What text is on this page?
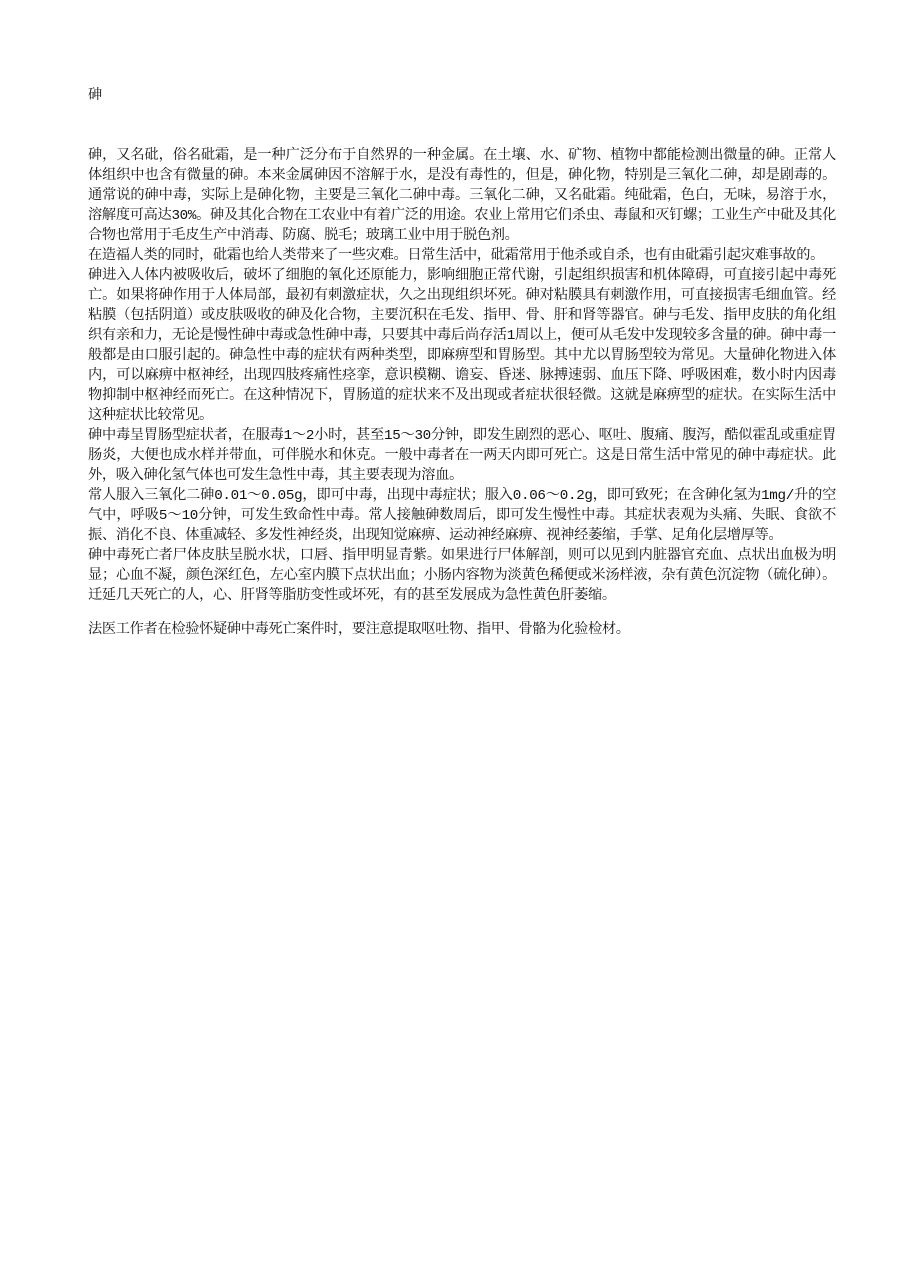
砷

砷，又名砒，俗名砒霜，是一种广泛分布于自然界的一种金属。在土壤、水、矿物、植物中都能检测出微量的砷。正常人体组织中也含有微量的砷。本来金属砷因不溶解于水，是没有毒性的，但是，砷化物，特别是三氧化二砷，却是剧毒的。通常说的砷中毒，实际上是砷化物，主要是三氧化二砷中毒。三氧化二砷，又名砒霜。纯砒霜，色白，无味，易溶于水，溶解度可高达30%。砷及其化合物在工农业中有着广泛的用途。农业上常用它们杀虫、毒鼠和灭钉螺；工业生产中砒及其化合物也常用于毛皮生产中消毒、防腐、脱毛；玻璃工业中用于脱色剂。

在造福人类的同时，砒霜也给人类带来了一些灾难。日常生活中，砒霜常用于他杀或自杀，也有由砒霜引起灾难事故的。

砷进入人体内被吸收后，破坏了细胞的氧化还原能力，影响细胞正常代谢，引起组织损害和机体障碍，可直接引起中毒死亡。如果将砷作用于人体局部，最初有刺激症状，久之出现组织坏死。砷对粘膜具有刺激作用，可直接损害毛细血管。经粘膜（包括阴道）或皮肤吸收的砷及化合物，主要沉积在毛发、指甲、骨、肝和肾等器官。砷与毛发、指甲皮肤的角化组织有亲和力，无论是慢性砷中毒或急性砷中毒，只要其中毒后尚存活1周以上，便可从毛发中发现较多含量的砷。砷中毒一般都是由口服引起的。砷急性中毒的症状有两种类型，即麻痹型和胃肠型。其中尤以胃肠型较为常见。大量砷化物进入体内，可以麻痹中枢神经，出现四肢疼痛性痉挛，意识模糊、谵妄、昏迷、脉搏速弱、血压下降、呼吸困难，数小时内因毒物抑制中枢神经而死亡。在这种情况下，胃肠道的症状来不及出现或者症状很轻微。这就是麻痹型的症状。在实际生活中这种症状比较常见。

砷中毒呈胃肠型症状者，在服毒1～2小时，甚至15～30分钟，即发生剧烈的恶心、呕吐、腹痛、腹泻，酷似霍乱或重症胃肠炎，大便也成水样并带血，可伴脱水和休克。一般中毒者在一两天内即可死亡。这是日常生活中常见的砷中毒症状。此外，吸入砷化氢气体也可发生急性中毒，其主要表现为溶血。

常人服入三氧化二砷0.01～0.05g，即可中毒，出现中毒症状；服入0.06～0.2g，即可致死；在含砷化氢为1mg/升的空气中，呼吸5～10分钟，可发生致命性中毒。常人接触砷数周后，即可发生慢性中毒。其症状表观为头痛、失眠、食欲不振、消化不良、体重减轻、多发性神经炎，出现知觉麻痹、运动神经麻痹、视神经萎缩，手掌、足角化层增厚等。

砷中毒死亡者尸体皮肤呈脱水状，口唇、指甲明显青紫。如果进行尸体解剖，则可以见到内脏器官充血、点状出血极为明显；心血不凝，颜色深红色，左心室内膜下点状出血；小肠内容物为淡黄色稀便或米汤样液，杂有黄色沉淀物（硫化砷）。迁延几天死亡的人，心、肝肾等脂肪变性或坏死，有的甚至发展成为急性黄色肝萎缩。

法医工作者在检验怀疑砷中毒死亡案件时，要注意提取呕吐物、指甲、骨骼为化验检材。
